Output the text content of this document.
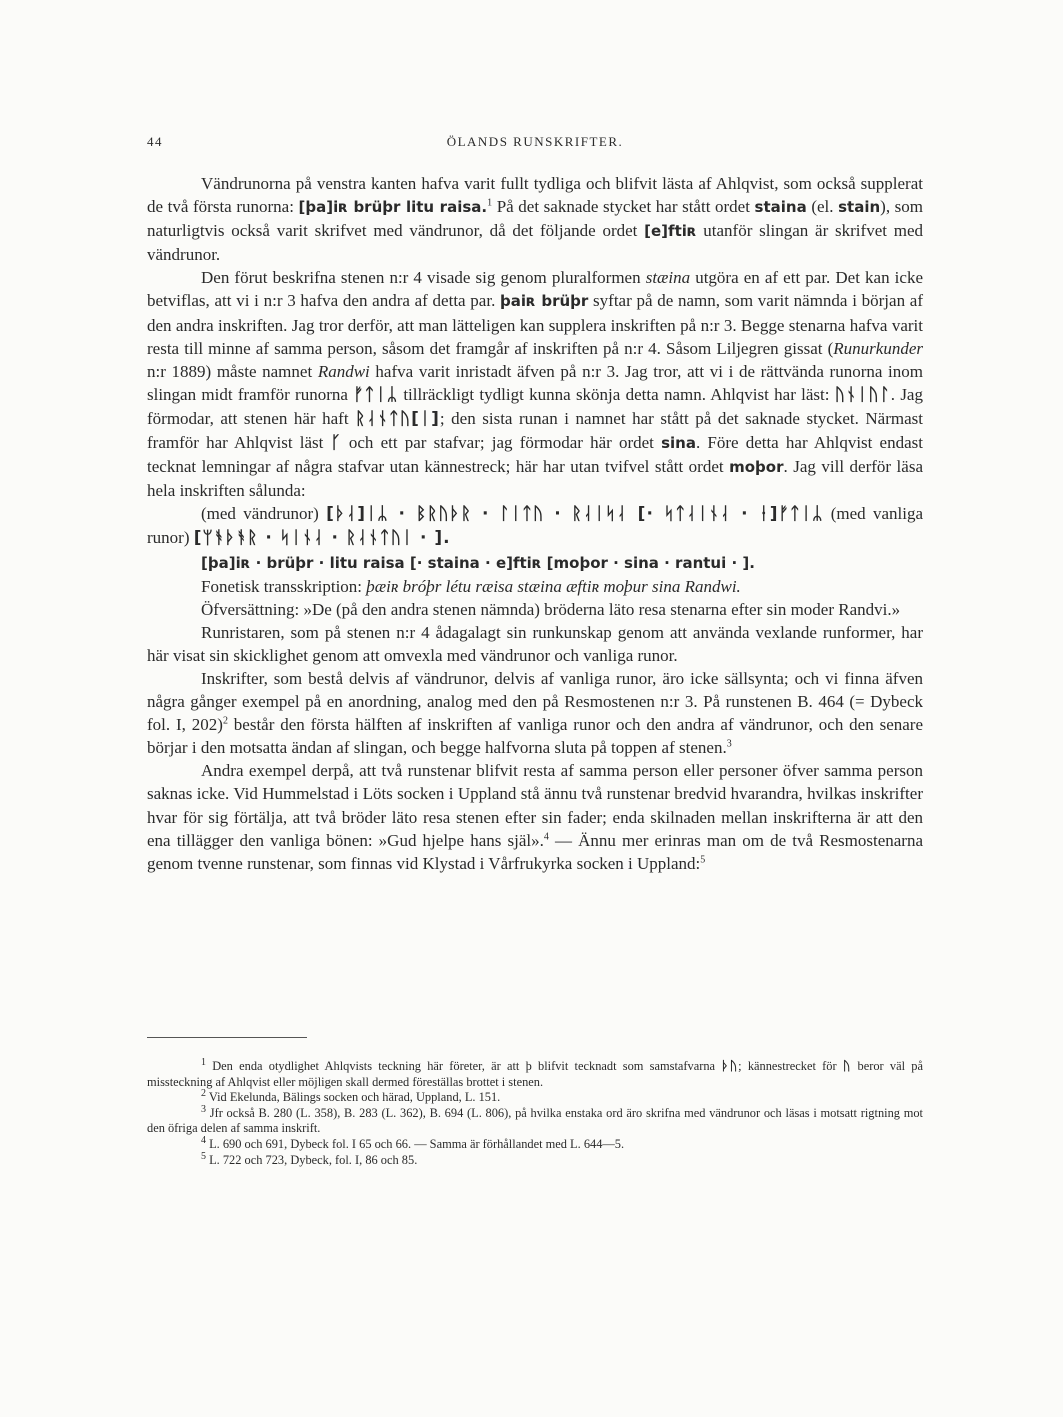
44	ÖLANDS RUNSKRIFTER.

Vändrunorna på venstra kanten hafva varit fullt tydliga och blifvit lästa af Ahlqvist, som också supplerat de två första runorna: [þa]iʀ brüþr litu raisa.$^1$ På det saknade stycket har stått ordet staina (el. stain), som naturligtvis också varit skrifvet med vändrunor, då det följande ordet [e]ftiʀ utanför slingan är skrifvet med vändrunor.

Den förut beskrifna stenen n:r 4 visade sig genom pluralformen stæina utgöra en af ett par. Det kan icke betviflas, att vi i n:r 3 hafva den andra af detta par. þaiʀ brüþr syftar på de namn, som varit nämnda i början af den andra inskriften. Jag tror derför, att man lätteligen kan supplera inskriften på n:r 3. Begge stenarna hafva varit resta till minne af samma person, såsom det framgår af inskriften på n:r 4. Såsom Liljegren gissat (Runurkunder n:r 1889) måste namnet Randwi hafva varit inristadt äfven på n:r 3. Jag tror, att vi i de rättvända runorna inom slingan midt framför runorna ᚠᛏᛁᛦ tillräckligt tydligt kunna skönja detta namn. Ahlqvist har läst: ᚢᚾᛁᚢᛚ. Jag förmodar, att stenen här haft ᚱᛆᚾᛏᚢ[ᛁ]; den sista runan i namnet har stått på det saknade stycket. Närmast framför har Ahlqvist läst ᚴ och ett par stafvar; jag förmodar här ordet sina. Före detta har Ahlqvist endast tecknat lemningar af några stafvar utan kännestreck; här har utan tvifvel stått ordet moþor. Jag vill derför läsa hela inskriften sålunda:

(med vändrunor) [ᚦᛆ]ᛁᛦ · ᛒᚱᚢᚦᚱ · ᛚᛁᛏᚢ · ᚱᛆᛁᛋᛆ [· ᛋᛏᛆᛁᚾᛆ · ᛂ]ᚠᛏᛁᛦ (med vanliga runor) [ᛘᚬᚦᚬᚱ · ᛋᛁᚾᛆ · ᚱᛆᚾᛏᚢᛁ · ].

[þa]iʀ · brüþr · litu raisa [· staina · e]ftiʀ [moþor · sina · rantui · ].

Fonetisk transskription: þæiʀ bróþr létu ræisa stæina æftiʀ moþur sina Randwi.

Öfversättning: »De (på den andra stenen nämnda) bröderna läto resa stenarna efter sin moder Randvi.»

Runristaren, som på stenen n:r 4 ådagalagt sin runkunskap genom att använda vexlande runformer, har här visat sin skicklighet genom att omvexla med vändrunor och vanliga runor.

Inskrifter, som bestå delvis af vändrunor, delvis af vanliga runor, äro icke sällsynta; och vi finna äfven några gånger exempel på en anordning, analog med den på Resmostenen n:r 3. På runstenen B. 464 (= Dybeck fol. I, 202)$^2$ består den första hälften af inskriften af vanliga runor och den andra af vändrunor, och den senare börjar i den motsatta ändan af slingan, och begge halfvorna sluta på toppen af stenen.$^3$

Andra exempel derpå, att två runstenar blifvit resta af samma person eller personer öfver samma person saknas icke. Vid Hummelstad i Löts socken i Uppland stå ännu två runstenar bredvid hvarandra, hvilkas inskrifter hvar för sig förtälja, att två bröder läto resa stenen efter sin fader; enda skilnaden mellan inskrifterna är att den ena tillägger den vanliga bönen: »Gud hjelpe hans själ».$^4$ — Ännu mer erinras man om de två Resmostenarna genom tvenne runstenar, som finnas vid Klystad i Vårfrukyrka socken i Uppland:$^5$

$^1$ Den enda otydlighet Ahlqvists teckning här företer, är att þ blifvit tecknadt som samstafvarna ᚦᚢ; kännestrecket för ᚢ beror väl på missteckning af Ahlqvist eller möjligen skall dermed föreställas brottet i stenen.

$^2$ Vid Ekelunda, Bälings socken och härad, Uppland, L. 151.

$^3$ Jfr också B. 280 (L. 358), B. 283 (L. 362), B. 694 (L. 806), på hvilka enstaka ord äro skrifna med vändrunor och läsas i motsatt rigtning mot den öfriga delen af samma inskrift.

$^4$ L. 690 och 691, Dybeck fol. I 65 och 66. — Samma är förhållandet med L. 644—5.

$^5$ L. 722 och 723, Dybeck, fol. I, 86 och 85.
